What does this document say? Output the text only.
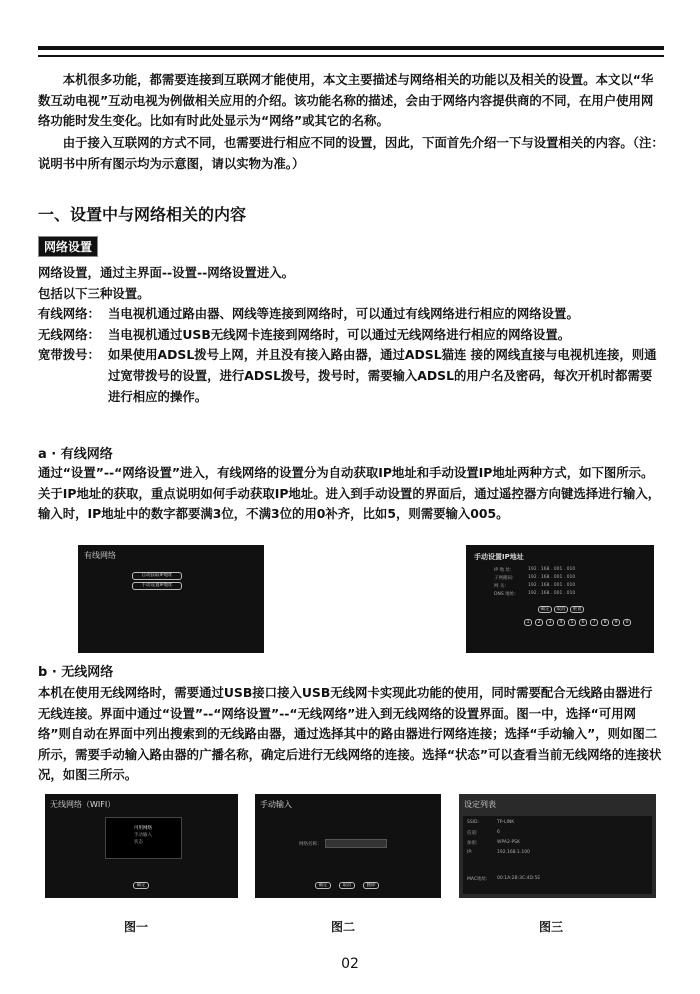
　　本机很多功能，都需要连接到互联网才能使用，本文主要描述与网络相关的功能以及相关的设置。本文以“华数互动电视”互动电视为例做相关应用的介绍。该功能名称的描述，会由于网络内容提供商的不同，在用户使用网络功能时发生变化。比如有时此处显示为“网络”或其它的名称。

　　由于接入互联网的方式不同，也需要进行相应不同的设置，因此，下面首先介绍一下与设置相关的内容。（注：说明书中所有图示均为示意图，请以实物为准。）

一、设置中与网络相关的内容
网络设置
网络设置，通过主界面--设置--网络设置进入。
包括以下三种设置。
有线网络： 当电视机通过路由器、网线等连接到网络时，可以通过有线网络进行相应的网络设置。
无线网络： 当电视机通过USB无线网卡连接到网络时，可以通过无线网络进行相应的网络设置。
宽带拨号： 如果使用ADSL拨号上网，并且没有接入路由器，通过ADSL猫连 接的网线直接与电视机连接，则通过宽带拨号的设置，进行ADSL拨号，拨号时，需要输入ADSL的用户名及密码，每次开机时都需要进行相应的操作。
a · 有线网络

通过“设置”--“网络设置”进入，有线网络的设置分为自动获取IP地址和手动设置IP地址两种方式，如下图所示。关于IP地址的获取，重点说明如何手动获取IP地址。进入到手动设置的界面后，通过遥控器方向键选择进行输入，输入时，IP地址中的数字都要满3位，不满3位的用0补齐，比如5，则需要输入005。

有线网络
自动获取IP地址
手动设置IP地址
手动设置IP地址
IP 地 址:	192 . 168 . 001 . 010
子网掩码:	192 . 168 . 001 . 010
网 关:	192 . 168 . 001 . 010
DNS 地址:	192 . 168 . 001 . 010
确定	取消	重置
1	2	3	4	5	6	7	8	9	0
b · 无线网络

本机在使用无线网络时，需要通过USB接口接入USB无线网卡实现此功能的使用，同时需要配合无线路由器进行无线连接。界面中通过“设置”--“网络设置”--“无线网络”进入到无线网络的设置界面。图一中，选择“可用网络”则自动在界面中列出搜索到的无线路由器，通过选择其中的路由器进行网络连接；选择“手动输入”，则如图二所示，需要手动输入路由器的广播名称，确定后进行无线网络的连接。选择“状态”可以查看当前无线网络的连接状况，如图三所示。

无线网络（WIFI）
可用网络
手动输入
状态
确定
手动输入
网络名称：
确定	取消	删除
设定列表
SSID:	TP-LINK
信道:	6
加密:	WPA2-PSK
IP:	192.168.1.100
MAC地址: 00:1A:2B:3C:4D:5E
图一	图二	图三
02
